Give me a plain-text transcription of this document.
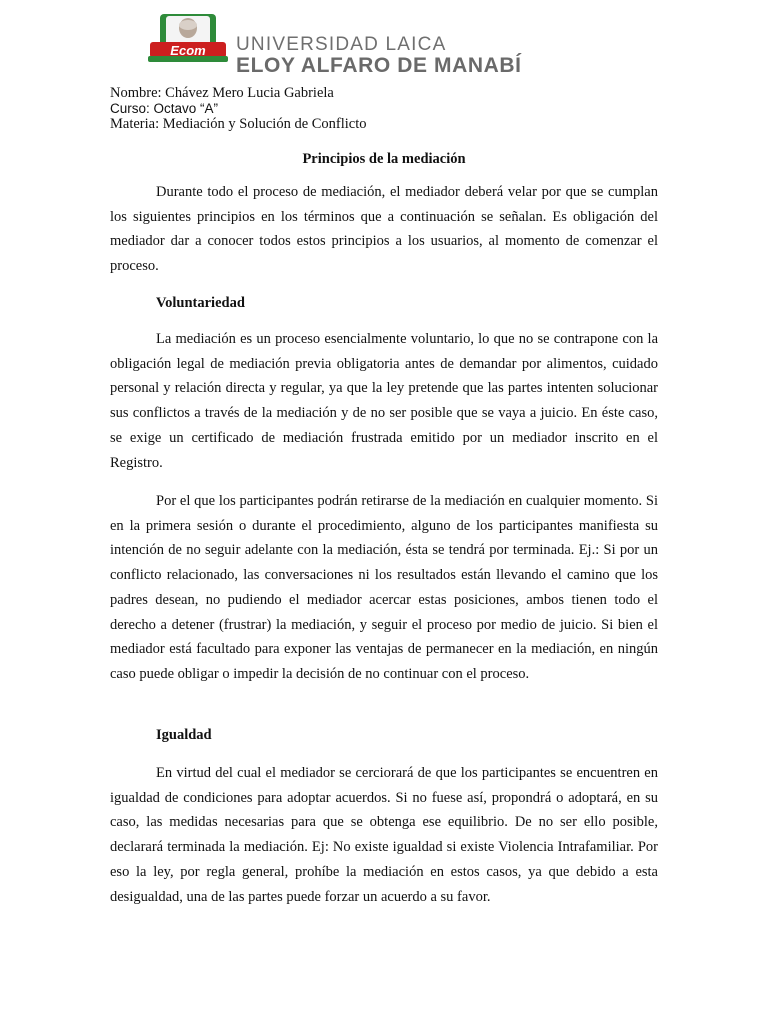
Ecom UNIVERSIDAD LAICA
ELOY ALFARO DE MANABÍ
Nombre: Chávez Mero Lucia Gabriela
Curso: Octavo “A”
Materia: Mediación y Solución de Conflicto
Principios de la mediación

Durante todo el proceso de mediación, el mediador deberá velar por que se cumplan los siguientes principios en los términos que a continuación se señalan. Es obligación del mediador dar a conocer todos estos principios a los usuarios, al momento de comenzar el proceso.

Voluntariedad

La mediación es un proceso esencialmente voluntario, lo que no se contrapone con la obligación legal de mediación previa obligatoria antes de demandar por alimentos, cuidado personal y relación directa y regular, ya que la ley pretende que las partes intenten solucionar sus conflictos a través de la mediación y de no ser posible que se vaya a juicio. En éste caso, se exige un certificado de mediación frustrada emitido por un mediador inscrito en el Registro.

Por el que los participantes podrán retirarse de la mediación en cualquier momento. Si en la primera sesión o durante el procedimiento, alguno de los participantes manifiesta su intención de no seguir adelante con la mediación, ésta se tendrá por terminada. Ej.: Si por un conflicto relacionado, las conversaciones ni los resultados están llevando el camino que los padres desean, no pudiendo el mediador acercar estas posiciones, ambos tienen todo el derecho a detener (frustrar) la mediación, y seguir el proceso por medio de juicio. Si bien el mediador está facultado para exponer las ventajas de permanecer en la mediación, en ningún caso puede obligar o impedir la decisión de no continuar con el proceso.

Igualdad

En virtud del cual el mediador se cerciorará de que los participantes se encuentren en igualdad de condiciones para adoptar acuerdos. Si no fuese así, propondrá o adoptará, en su caso, las medidas necesarias para que se obtenga ese equilibrio. De no ser ello posible, declarará terminada la mediación. Ej: No existe igualdad si existe Violencia Intrafamiliar. Por eso la ley, por regla general, prohíbe la mediación en estos casos, ya que debido a esta desigualdad, una de las partes puede forzar un acuerdo a su favor.
